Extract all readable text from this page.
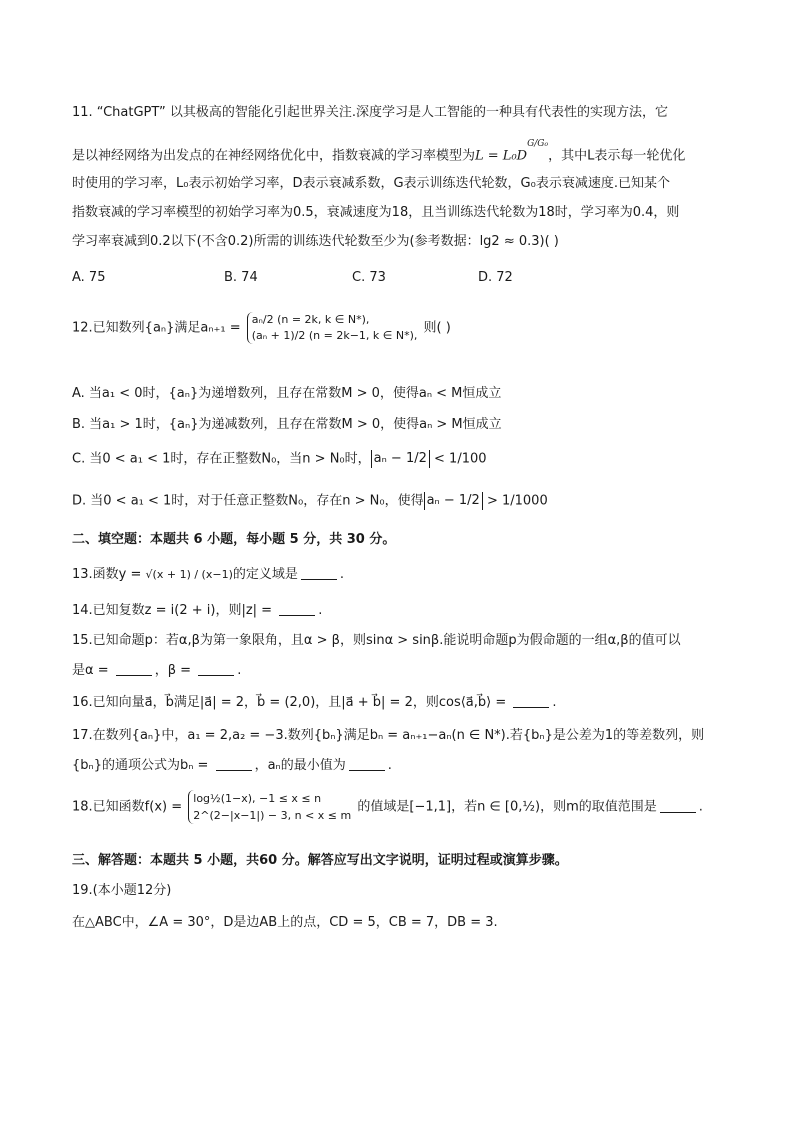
11. “ChatGPT” 以其极高的智能化引起世界关注.深度学习是人工智能的一种具有代表性的实现方法，它
是以神经网络为出发点的在神经网络优化中，指数衰减的学习率模型为$L = L_0D^{G/G_0}$，其中L表示每一轮优化
时使用的学习率，L₀表示初始学习率，D表示衰减系数，G表示训练迭代轮数，G₀表示衰减速度.已知某个
指数衰减的学习率模型的初始学习率为0.5，衰减速度为18，且当训练迭代轮数为18时，学习率为0.4，则
学习率衰减到0.2以下(不含0.2)所需的训练迭代轮数至少为(参考数据：lg2 ≈ 0.3)( )
A. 75	B. 74	C. 73	D. 72
12.已知数列{aₙ}满足aₙ₊₁ =
aₙ/2 (n = 2k, k ∈ N*),
(aₙ + 1)/2 (n = 2k−1, k ∈ N*), 则( )
A. 当a₁ < 0时，{aₙ}为递增数列，且存在常数M > 0，使得aₙ < M恒成立
B. 当a₁ > 1时，{aₙ}为递减数列，且存在常数M > 0，使得aₙ > M恒成立
C. 当0 < a₁ < 1时，存在正整数N₀，当n > N₀时， aₙ − 1/2 < 1/100
D. 当0 < a₁ < 1时，对于任意正整数N₀，存在n > N₀，使得 aₙ − 1/2 > 1/1000
二、填空题：本题共 6 小题，每小题 5 分，共 30 分。
13.函数y = √(x + 1) / (x−1)的定义域是	.
14.已知复数z = i(2 + i)，则|z| =	.
15.已知命题p：若α,β为第一象限角，且α > β，则sinα > sinβ.能说明命题p为假命题的一组α,β的值可以
是α =	，β =	.
16.已知向量a⃗，b⃗满足|a⃗| = 2，b⃗ = (2,0)，且|a⃗ + b⃗| = 2，则cos⟨a⃗,b⃗⟩ =	.
17.在数列{aₙ}中，a₁ = 2,a₂ = −3.数列{bₙ}满足bₙ = aₙ₊₁−aₙ(n ∈ N*).若{bₙ}是公差为1的等差数列，则
{bₙ}的通项公式为bₙ =	，aₙ的最小值为	.
18.已知函数f(x) =
log½(1−x), −1 ≤ x ≤ n
2^(2−|x−1|) − 3, n < x ≤ m
的值域是[−1,1]，若n ∈ [0,½)，则m的取值范围是	.
三、解答题：本题共 5 小题，共60 分。解答应写出文字说明，证明过程或演算步骤。
19.(本小题12分)
在△ABC中，∠A = 30°，D是边AB上的点，CD = 5，CB = 7，DB = 3.
